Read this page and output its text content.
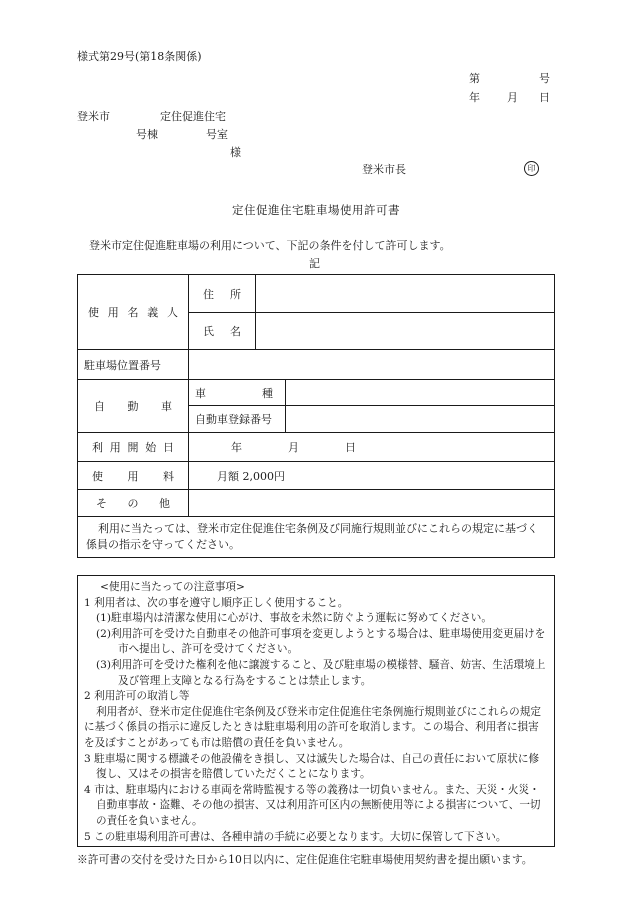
様式第29号(第18条関係)
第	号
年 月 日
登米市	定住促進住宅
号棟	号室
様
登米市長	印
定住促進住宅駐車場使用許可書
登米市定住促進駐車場の利用について、下記の条件を付して許可します。
記
使 用 名 義 人	住 所		

	氏 名		

駐車場位置番号			

自 動 車	車 種		

	自動車登録番号		

利 用 開 始 日	年 月 日		

使 用 料	月額 2,000円		

そ の 他			

利用に当たっては、登米市定住促進住宅条例及び同施行規則並びにこれらの規定に基づく係員の指示を守ってください。			
<使用に当たっての注意事項>
1 利用者は、次の事を遵守し順序正しく使用すること。
(1)駐車場内は清潔な使用に心がけ、事故を未然に防ぐよう運転に努めてください。
(2)利用許可を受けた自動車その他許可事項を変更しようとする場合は、駐車場使用変更届けを市へ提出し、許可を受けてください。
(3)利用許可を受けた権利を他に譲渡すること、及び駐車場の模様替、騒音、妨害、生活環境上及び管理上支障となる行為をすることは禁止します。
2 利用許可の取消し等
利用者が、登米市定住促進住宅条例及び登米市定住促進住宅条例施行規則並びにこれらの規定に基づく係員の指示に違反したときは駐車場利用の許可を取消します。この場合、利用者に損害を及ぼすことがあっても市は賠償の責任を負いません。
3 駐車場に関する標識その他設備をき損し、又は滅失した場合は、自己の責任において原状に修復し、又はその損害を賠償していただくことになります。
4 市は、駐車場内における車両を常時監視する等の義務は一切負いません。また、天災・火災・自動車事故・盗難、その他の損害、又は利用許可区内の無断使用等による損害について、一切の責任を負いません。
5 この駐車場利用許可書は、各種申請の手続に必要となります。大切に保管して下さい。
※許可書の交付を受けた日から10日以内に、定住促進住宅駐車場使用契約書を提出願います。
